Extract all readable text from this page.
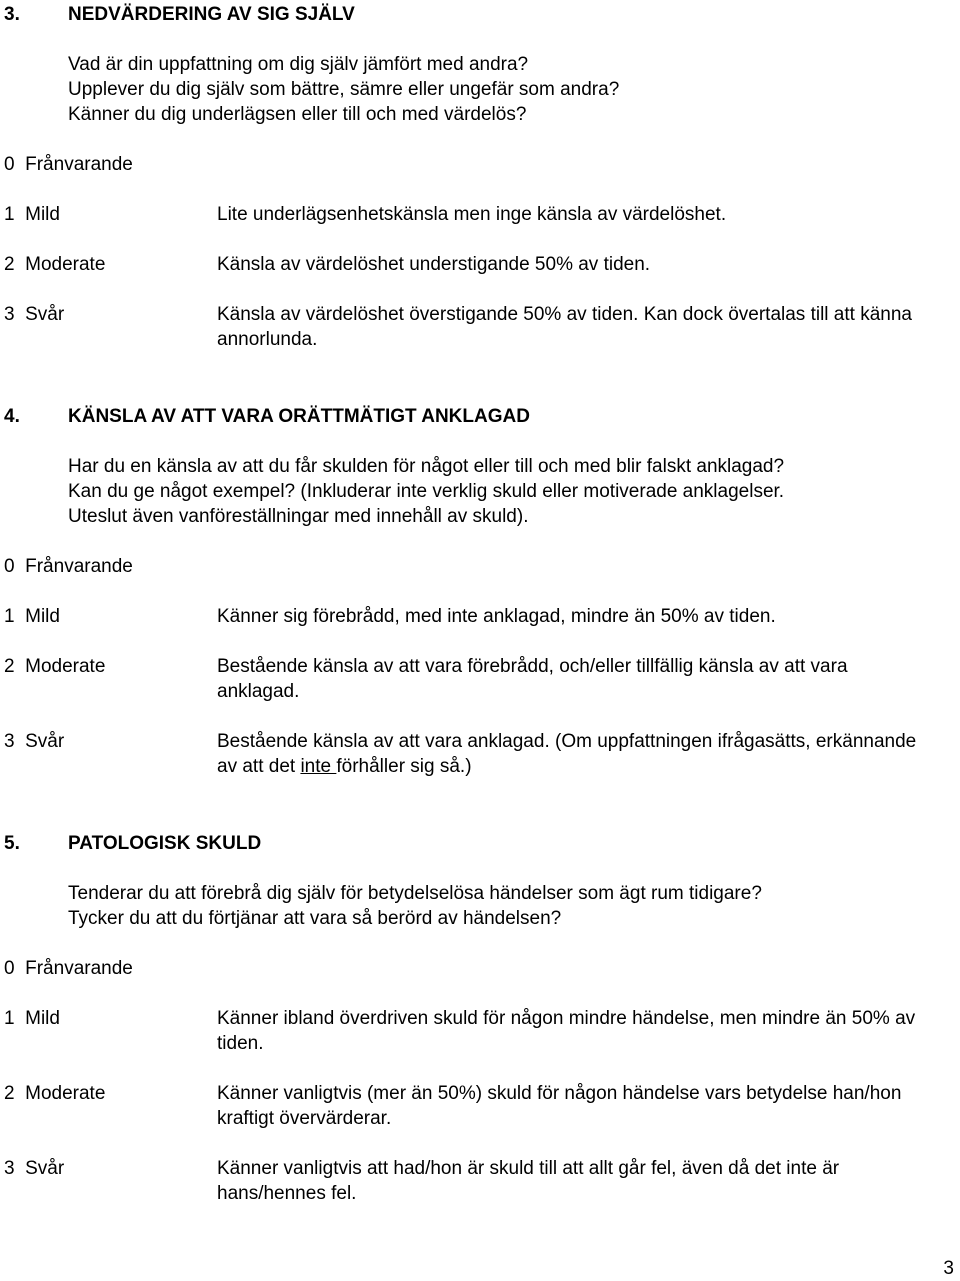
3.	NEDVÄRDERING AV SIG SJÄLV

Vad är din uppfattning om dig själv jämfört med andra?

Upplever du dig själv som bättre, sämre eller ungefär som andra?

Känner du dig underlägsen eller till och med värdelös?

0  Frånvarande
1  Mild	Lite underlägsenhetskänsla men inge känsla av värdelöshet.
2  Moderate	Känsla av värdelöshet understigande 50% av tiden.
3  Svår	Känsla av värdelöshet överstigande 50% av tiden. Kan dock övertalas till att känna annorlunda.
4.	KÄNSLA AV ATT VARA ORÄTTMÄTIGT ANKLAGAD

Har du en känsla av att du får skulden för något eller till och med blir falskt anklagad?

Kan du ge något exempel? (Inkluderar inte verklig skuld eller motiverade anklagelser.

Uteslut även vanföreställningar med innehåll av skuld).

0  Frånvarande
1  Mild	Känner sig förebrådd, med inte anklagad, mindre än 50% av tiden.
2  Moderate	Bestående känsla av att vara förebrådd, och/eller tillfällig känsla av att vara anklagad.
3  Svår	Bestående känsla av att vara anklagad. (Om uppfattningen ifrågasätts, erkännande av att det inte förhåller sig så.)
5.	PATOLOGISK SKULD

Tenderar du att förebrå dig själv för betydelselösa händelser som ägt rum tidigare?

Tycker du att du förtjänar att vara så berörd av händelsen?

0  Frånvarande
1  Mild	Känner ibland överdriven skuld för någon mindre händelse, men mindre än 50% av tiden.
2  Moderate	Känner vanligtvis (mer än 50%) skuld för någon händelse vars betydelse han/hon kraftigt övervärderar.
3  Svår	Känner vanligtvis att had/hon är skuld till att allt går fel, även då det inte är hans/hennes fel.
3
